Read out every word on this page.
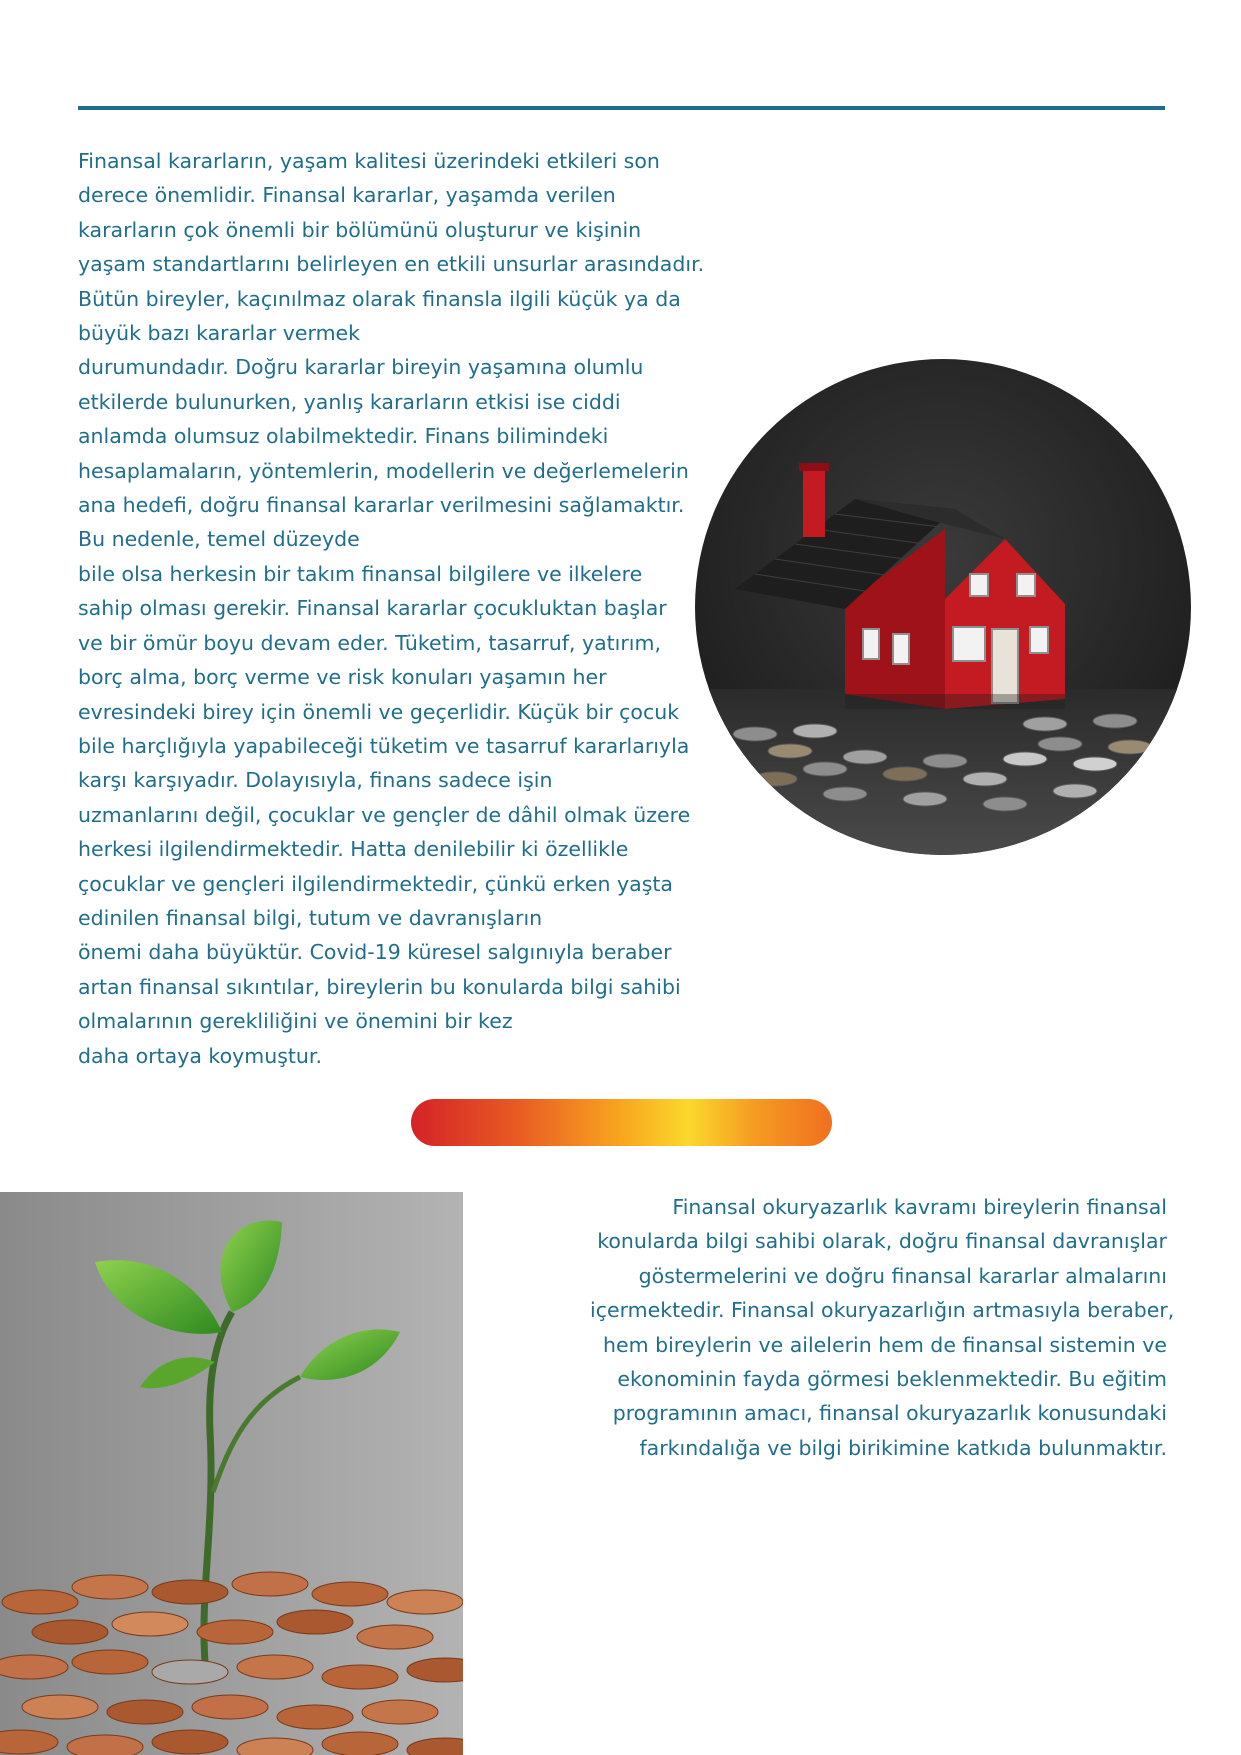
Finansal kararların, yaşam kalitesi üzerindeki etkileri son

derece önemlidir. Finansal kararlar, yaşamda verilen

kararların çok önemli bir bölümünü oluşturur ve kişinin

yaşam standartlarını belirleyen en etkili unsurlar arasındadır.

Bütün bireyler, kaçınılmaz olarak finansla ilgili küçük ya da

büyük bazı kararlar vermek

durumundadır. Doğru kararlar bireyin yaşamına olumlu

etkilerde bulunurken, yanlış kararların etkisi ise ciddi

anlamda olumsuz olabilmektedir. Finans bilimindeki

hesaplamaların, yöntemlerin, modellerin ve değerlemelerin

ana hedefi, doğru finansal kararlar verilmesini sağlamaktır.

Bu nedenle, temel düzeyde

bile olsa herkesin bir takım finansal bilgilere ve ilkelere

sahip olması gerekir. Finansal kararlar çocukluktan başlar

ve bir ömür boyu devam eder. Tüketim, tasarruf, yatırım,

borç alma, borç verme ve risk konuları yaşamın her

evresindeki birey için önemli ve geçerlidir. Küçük bir çocuk

bile harçlığıyla yapabileceği tüketim ve tasarruf kararlarıyla

karşı karşıyadır. Dolayısıyla, finans sadece işin

uzmanlarını değil, çocuklar ve gençler de dâhil olmak üzere

herkesi ilgilendirmektedir. Hatta denilebilir ki özellikle

çocuklar ve gençleri ilgilendirmektedir, çünkü erken yaşta

edinilen finansal bilgi, tutum ve davranışların

önemi daha büyüktür. Covid-19 küresel salgınıyla beraber

artan finansal sıkıntılar, bireylerin bu konularda bilgi sahibi

olmalarının gerekliliğini ve önemini bir kez

daha ortaya koymuştur.

Finansal okuryazarlık kavramı bireylerin finansal

konularda bilgi sahibi olarak, doğru finansal davranışlar

göstermelerini ve doğru finansal kararlar almalarını

içermektedir. Finansal okuryazarlığın artmasıyla beraber,

hem bireylerin ve ailelerin hem de finansal sistemin ve

ekonominin fayda görmesi beklenmektedir. Bu eğitim

programının amacı, finansal okuryazarlık konusundaki

farkındalığa ve bilgi birikimine katkıda bulunmaktır.
